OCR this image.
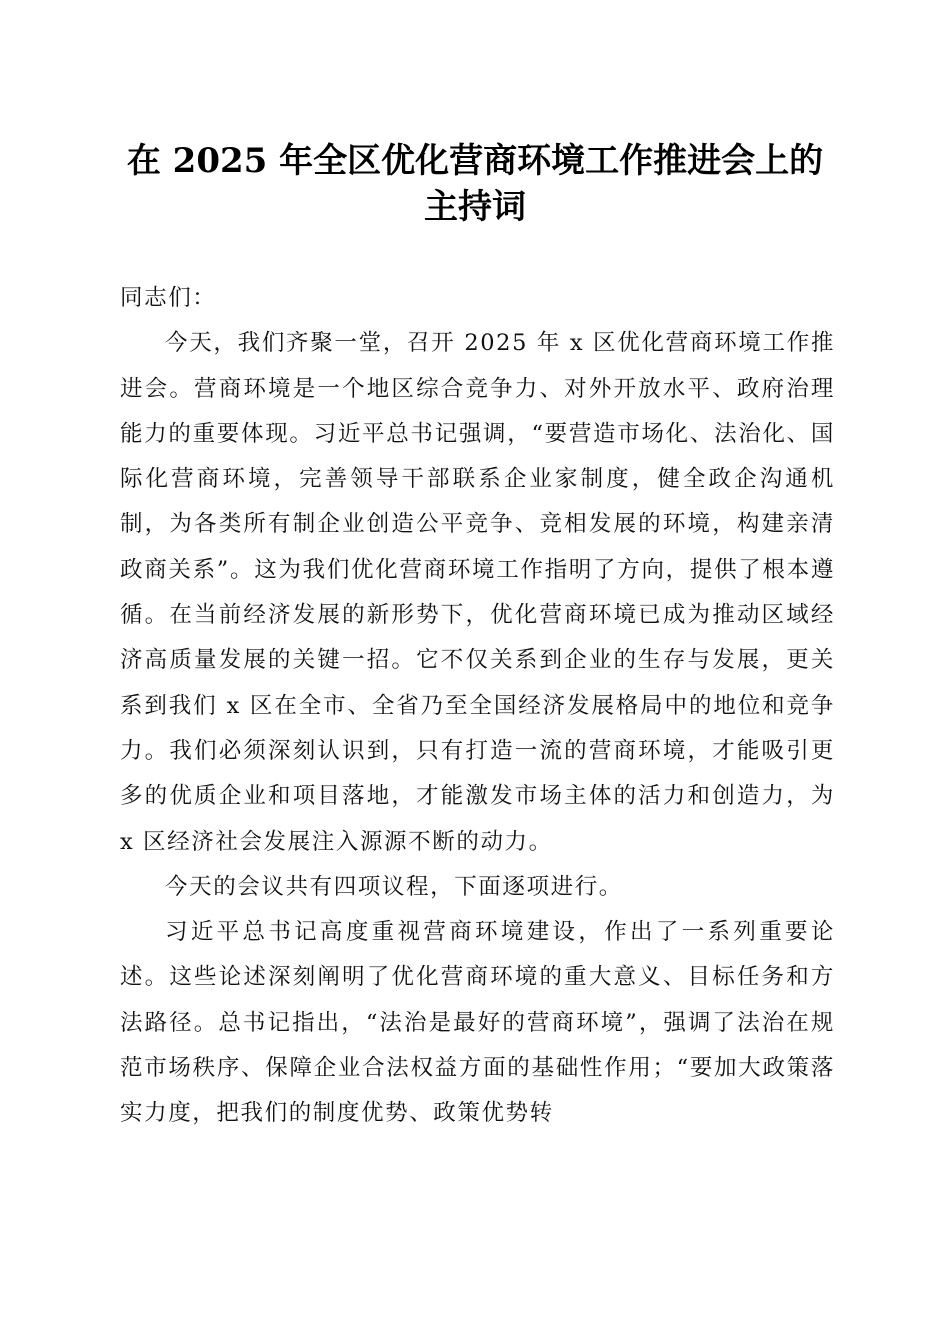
在 2025 年全区优化营商环境工作推进会上的
主持词

同志们：

今天，我们齐聚一堂，召开 2025 年 x 区优化营商环境工作推进会。营商环境是一个地区综合竞争力、对外开放水平、政府治理能力的重要体现。习近平总书记强调，“要营造市场化、法治化、国际化营商环境，完善领导干部联系企业家制度，健全政企沟通机制，为各类所有制企业创造公平竞争、竞相发展的环境，构建亲清政商关系”。这为我们优化营商环境工作指明了方向，提供了根本遵循。在当前经济发展的新形势下，优化营商环境已成为推动区域经济高质量发展的关键一招。它不仅关系到企业的生存与发展，更关系到我们 x 区在全市、全省乃至全国经济发展格局中的地位和竞争力。我们必须深刻认识到，只有打造一流的营商环境，才能吸引更多的优质企业和项目落地，才能激发市场主体的活力和创造力，为 x 区经济社会发展注入源源不断的动力。

今天的会议共有四项议程，下面逐项进行。

习近平总书记高度重视营商环境建设，作出了一系列重要论述。这些论述深刻阐明了优化营商环境的重大意义、目标任务和方法路径。总书记指出，“法治是最好的营商环境”，强调了法治在规范市场秩序、保障企业合法权益方面的基础性作用；“要加大政策落实力度，把我们的制度优势、政策优势转
